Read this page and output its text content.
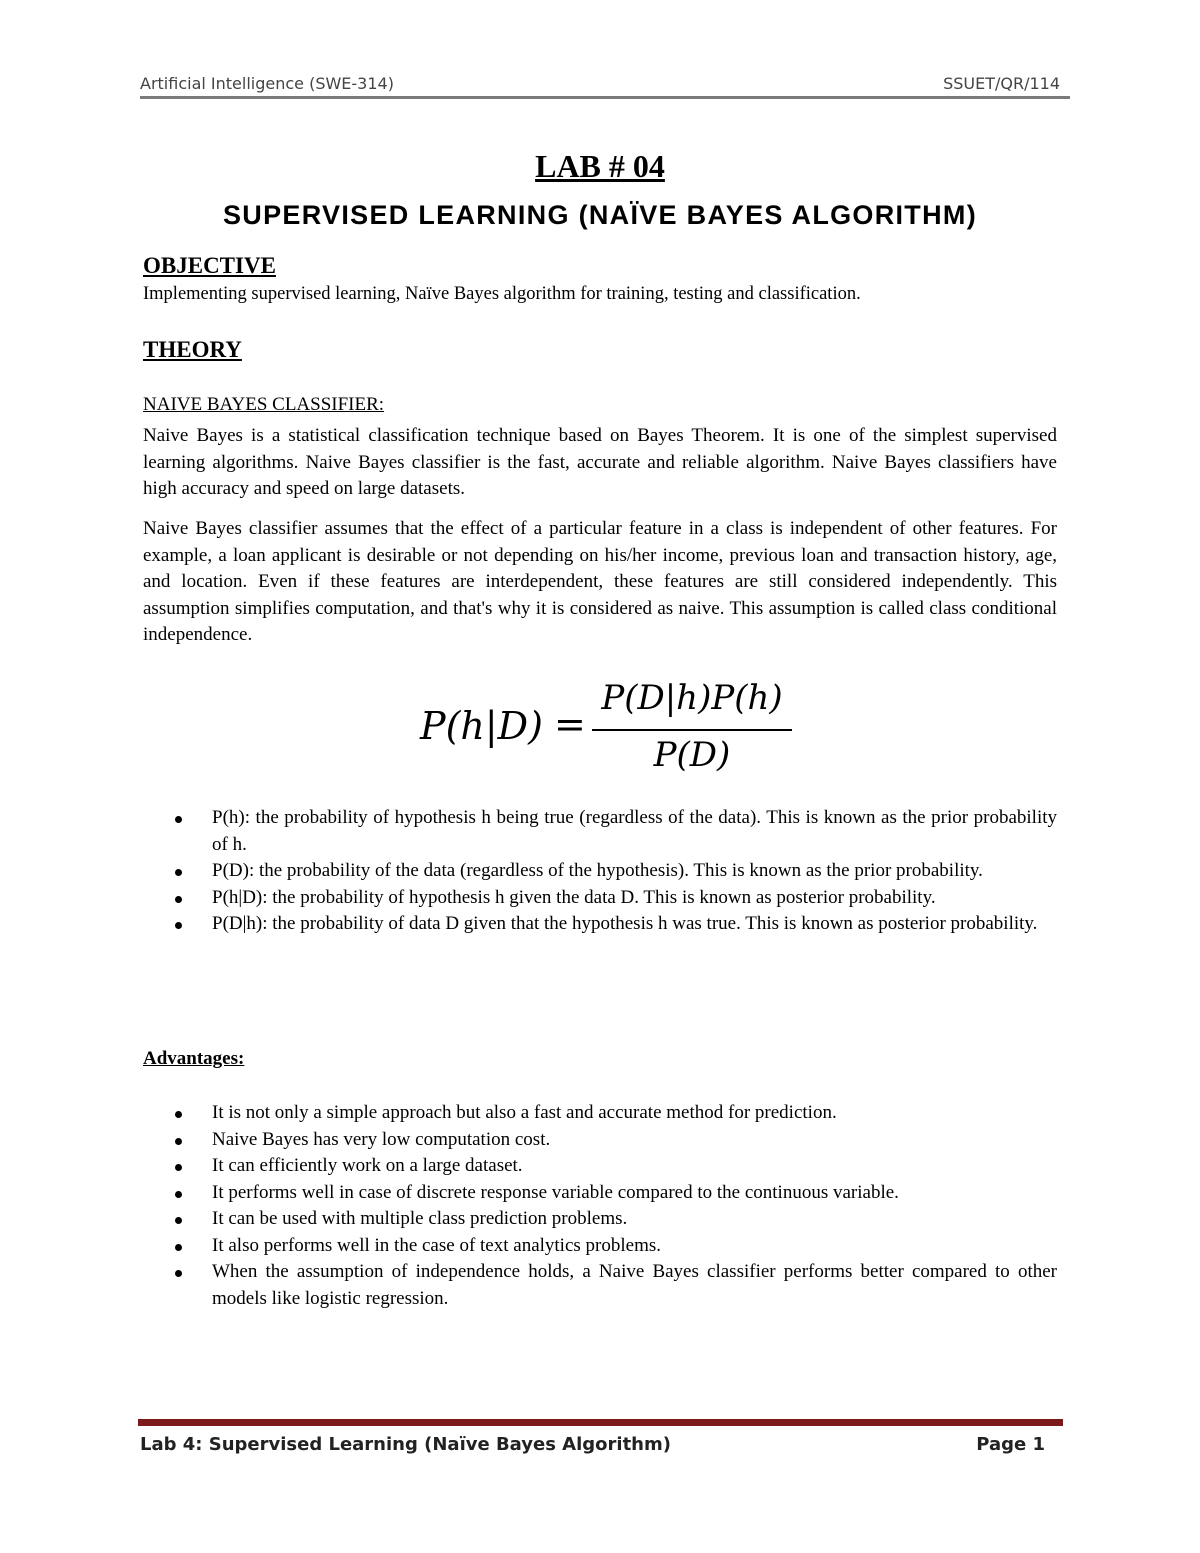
Artificial Intelligence (SWE-314)	SSUET/QR/114
LAB # 04
SUPERVISED LEARNING (NAÏVE BAYES ALGORITHM)
OBJECTIVE
Implementing supervised learning, Naïve Bayes algorithm for training, testing and classification.
THEORY
NAIVE BAYES CLASSIFIER:

Naive Bayes is a statistical classification technique based on Bayes Theorem. It is one of the simplest supervised learning algorithms. Naive Bayes classifier is the fast, accurate and reliable algorithm. Naive Bayes classifiers have high accuracy and speed on large datasets.

Naive Bayes classifier assumes that the effect of a particular feature in a class is independent of other features. For example, a loan applicant is desirable or not depending on his/her income, previous loan and transaction history, age, and location. Even if these features are interdependent, these features are still considered independently. This assumption simplifies computation, and that's why it is considered as naive. This assumption is called class conditional independence.

P(h|D) =
P(D|h)P(h)
P(D)
P(h): the probability of hypothesis h being true (regardless of the data). This is known as the prior probability of h.
P(D): the probability of the data (regardless of the hypothesis). This is known as the prior probability.
P(h|D): the probability of hypothesis h given the data D. This is known as posterior probability.
P(D|h): the probability of data D given that the hypothesis h was true. This is known as posterior probability.
Advantages:
It is not only a simple approach but also a fast and accurate method for prediction.
Naive Bayes has very low computation cost.
It can efficiently work on a large dataset.
It performs well in case of discrete response variable compared to the continuous variable.
It can be used with multiple class prediction problems.
It also performs well in the case of text analytics problems.
When the assumption of independence holds, a Naive Bayes classifier performs better compared to other models like logistic regression.
Lab 4: Supervised Learning (Naïve Bayes Algorithm)	Page 1
